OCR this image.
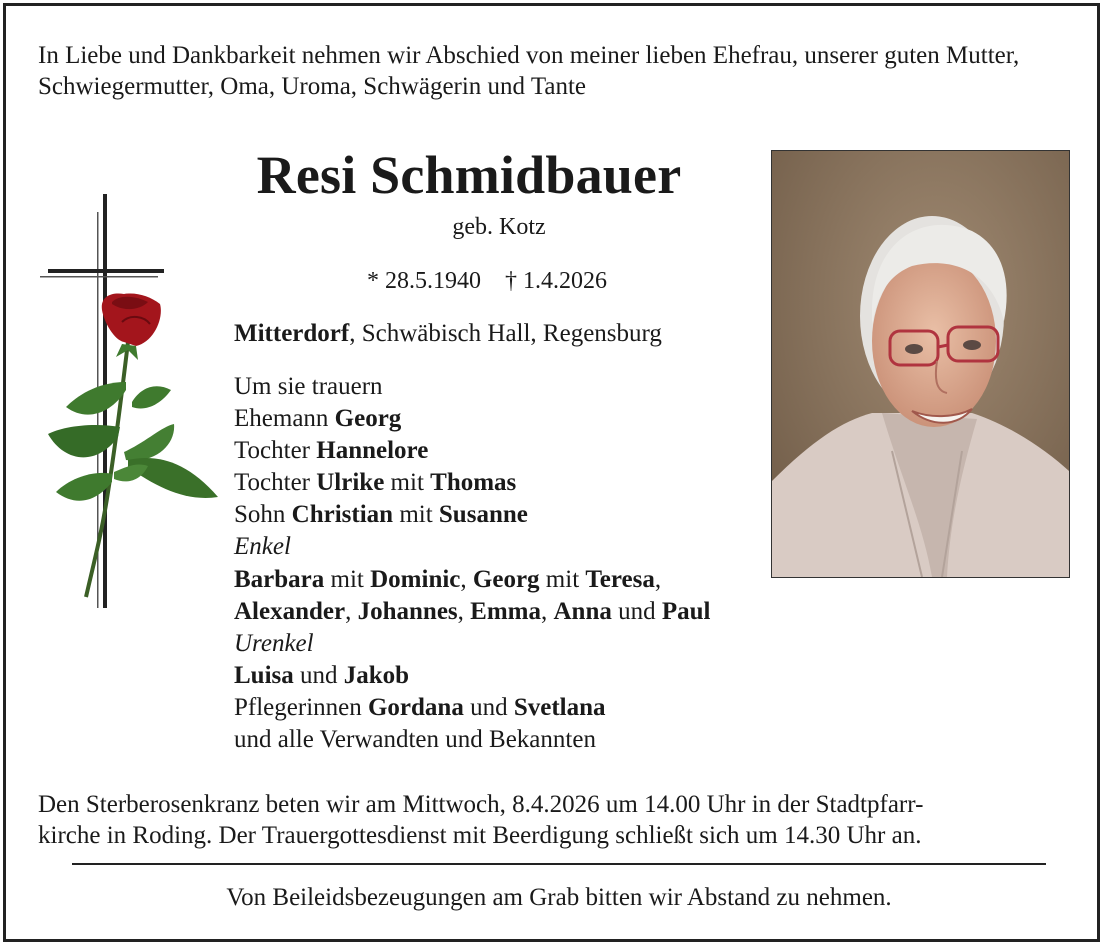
In Liebe und Dankbarkeit nehmen wir Abschied von meiner lieben Ehefrau, unserer guten Mutter, Schwiegermutter, Oma, Uroma, Schwägerin und Tante
Resi Schmidbauer
geb. Kotz
* 28.5.1940 † 1.4.2026
Mitterdorf, Schwäbisch Hall, Regensburg
Um sie trauern
Ehemann Georg
Tochter Hannelore
Tochter Ulrike mit Thomas
Sohn Christian mit Susanne
Enkel
Barbara mit Dominic, Georg mit Teresa,
Alexander, Johannes, Emma, Anna und Paul
Urenkel
Luisa und Jakob
Pflegerinnen Gordana und Svetlana
und alle Verwandten und Bekannten
Den Sterberosenkranz beten wir am Mittwoch, 8.4.2026 um 14.00 Uhr in der Stadtpfarr-
kirche in Roding. Der Trauergottesdienst mit Beerdigung schließt sich um 14.30 Uhr an.
Von Beileidsbezeugungen am Grab bitten wir Abstand zu nehmen.
